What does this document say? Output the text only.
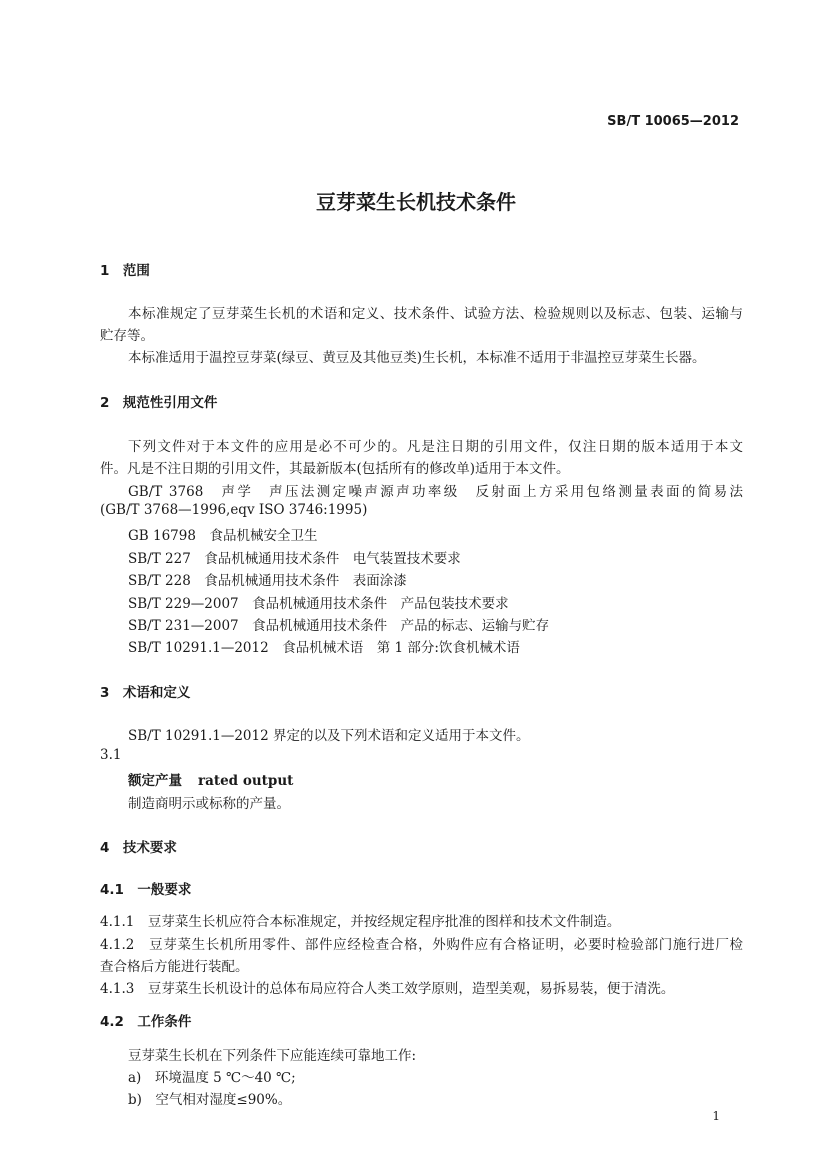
SB/T 10065—2012
豆芽菜生长机技术条件
1　范围
本标准规定了豆芽菜生长机的术语和定义、技术条件、试验方法、检验规则以及标志、包装、运输与
贮存等。
本标准适用于温控豆芽菜(绿豆、黄豆及其他豆类)生长机，本标准不适用于非温控豆芽菜生长器。
2　规范性引用文件
下列文件对于本文件的应用是必不可少的。凡是注日期的引用文件，仅注日期的版本适用于本文
件。凡是不注日期的引用文件，其最新版本(包括所有的修改单)适用于本文件。
GB/T 3768　声学　声压法测定噪声源声功率级　反射面上方采用包络测量表面的简易法
(GB/T 3768—1996,eqv ISO 3746:1995)
GB 16798　食品机械安全卫生
SB/T 227　食品机械通用技术条件　电气装置技术要求
SB/T 228　食品机械通用技术条件　表面涂漆
SB/T 229—2007　食品机械通用技术条件　产品包装技术要求
SB/T 231—2007　食品机械通用技术条件　产品的标志、运输与贮存
SB/T 10291.1—2012　食品机械术语　第 1 部分:饮食机械术语
3　术语和定义
SB/T 10291.1—2012 界定的以及下列术语和定义适用于本文件。
3.1
额定产量 rated output
制造商明示或标称的产量。
4　技术要求
4.1　一般要求
4.1.1　豆芽菜生长机应符合本标准规定，并按经规定程序批准的图样和技术文件制造。
4.1.2　豆芽菜生长机所用零件、部件应经检查合格，外购件应有合格证明，必要时检验部门施行进厂检
查合格后方能进行装配。
4.1.3　豆芽菜生长机设计的总体布局应符合人类工效学原则，造型美观，易拆易装，便于清洗。
4.2　工作条件
豆芽菜生长机在下列条件下应能连续可靠地工作:
a)　环境温度 5 ℃～40 ℃;
b)　空气相对湿度≤90%。
1
